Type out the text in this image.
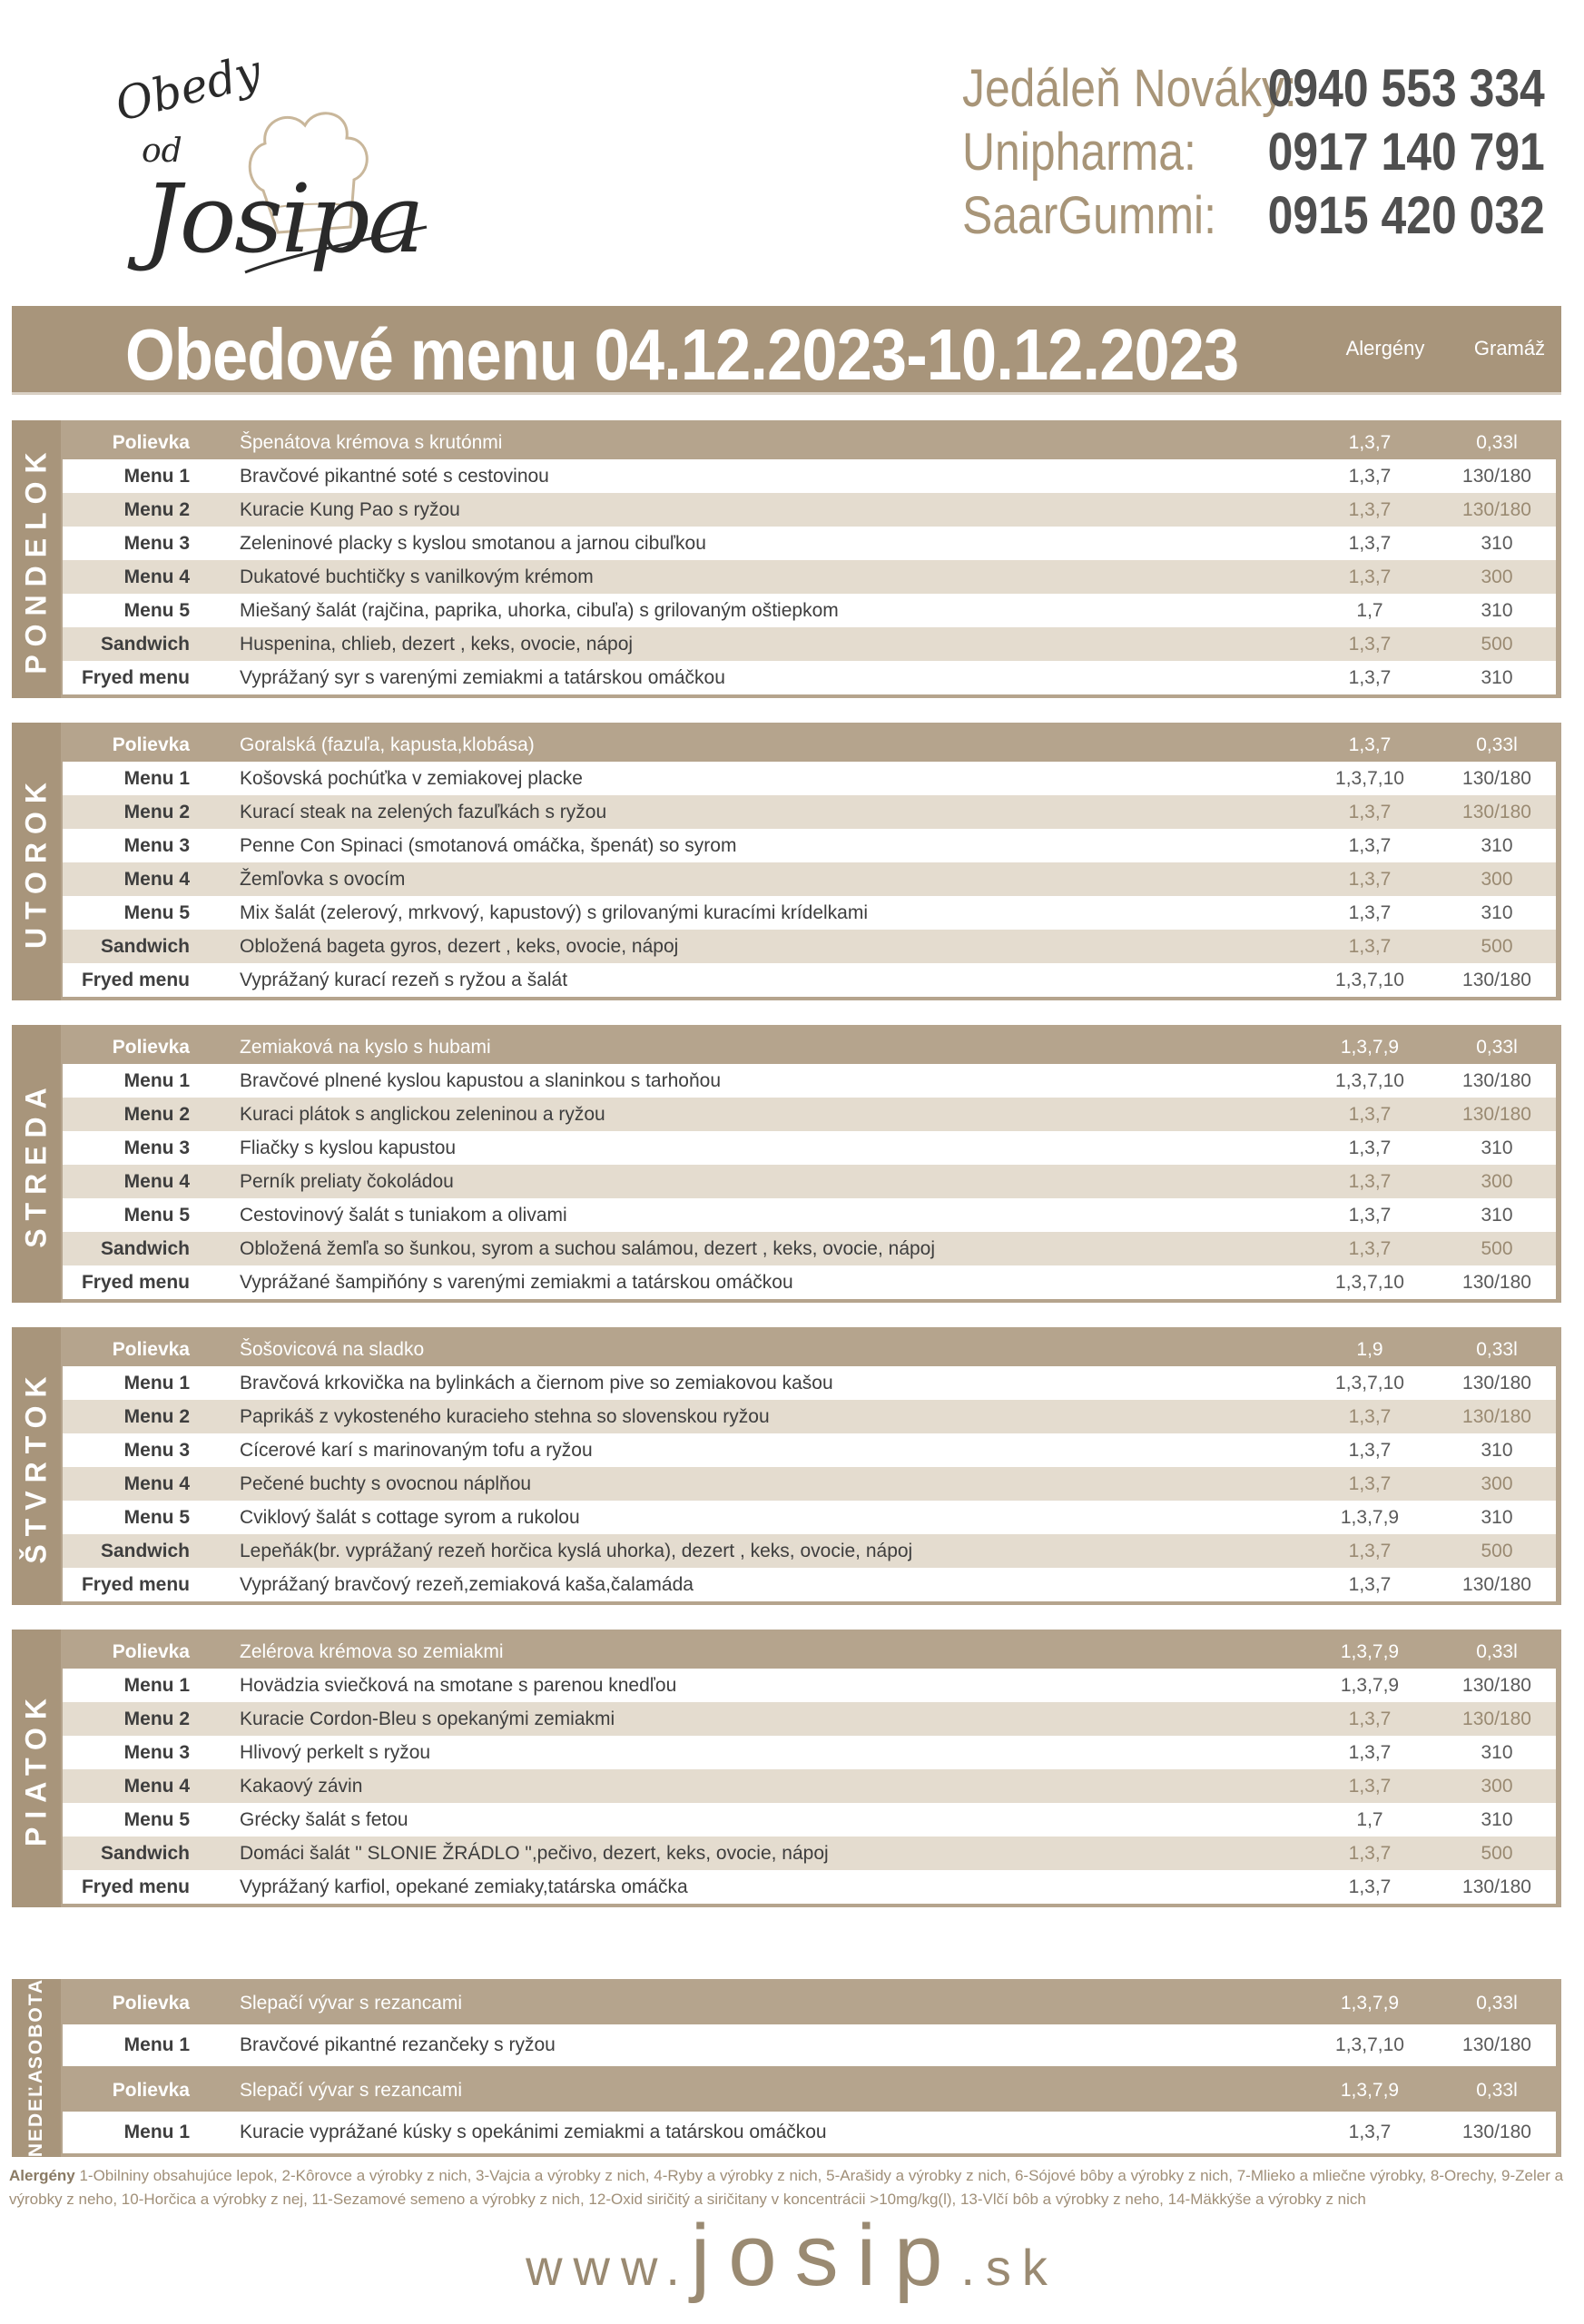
Obedy
od
Josipa
Jedáleň Nováky:
0940 553 334
Unipharma: 0917 140 791
SaarGummi: 0915 420 032
Obedové menu 04.12.2023-10.12.2023	Alergény	Gramáž
PONDELOK
Polievka	Špenátova krémova s krutónmi	1,3,7	0,33l
Menu 1	Bravčové pikantné soté s cestovinou	1,3,7	130/180
Menu 2	Kuracie Kung Pao s ryžou	1,3,7	130/180
Menu 3	Zeleninové placky s kyslou smotanou a jarnou cibuľkou	1,3,7	310
Menu 4	Dukatové buchtičky s vanilkovým krémom	1,3,7	300
Menu 5	Miešaný šalát (rajčina, paprika, uhorka, cibuľa) s grilovaným oštiepkom	1,7	310
Sandwich	Huspenina, chlieb, dezert , keks, ovocie, nápoj	1,3,7	500
Fryed menu	Vyprážaný syr s varenými zemiakmi a tatárskou omáčkou	1,3,7	310
UTOROK
Polievka	Goralská (fazuľa, kapusta,klobása)	1,3,7	0,33l
Menu 1	Košovská pochúťka v zemiakovej placke	1,3,7,10	130/180
Menu 2	Kurací steak na zelených fazuľkách s ryžou	1,3,7	130/180
Menu 3	Penne Con Spinaci (smotanová omáčka, špenát) so syrom	1,3,7	310
Menu 4	Žemľovka s ovocím	1,3,7	300
Menu 5	Mix šalát (zelerový, mrkvový, kapustový) s grilovanými kuracími krídelkami	1,3,7	310
Sandwich	Obložená bageta gyros, dezert , keks, ovocie, nápoj	1,3,7	500
Fryed menu	Vyprážaný kurací rezeň s ryžou a šalát	1,3,7,10	130/180
STREDA
Polievka	Zemiaková na kyslo s hubami	1,3,7,9	0,33l
Menu 1	Bravčové plnené kyslou kapustou a slaninkou s tarhoňou	1,3,7,10	130/180
Menu 2	Kuraci plátok s anglickou zeleninou a ryžou	1,3,7	130/180
Menu 3	Fliačky s kyslou kapustou	1,3,7	310
Menu 4	Perník preliaty čokoládou	1,3,7	300
Menu 5	Cestovinový šalát s tuniakom a olivami	1,3,7	310
Sandwich	Obložená žemľa so šunkou, syrom a suchou salámou, dezert , keks, ovocie, nápoj	1,3,7	500
Fryed menu	Vyprážané šampiňóny s varenými zemiakmi a tatárskou omáčkou	1,3,7,10	130/180
ŠTVRTOK
Polievka	Šošovicová na sladko	1,9	0,33l
Menu 1	Bravčová krkovička na bylinkách a čiernom pive so zemiakovou kašou	1,3,7,10	130/180
Menu 2	Paprikáš z vykosteného kuracieho stehna so slovenskou ryžou	1,3,7	130/180
Menu 3	Cícerové karí s marinovaným tofu a ryžou	1,3,7	310
Menu 4	Pečené buchty s ovocnou náplňou	1,3,7	300
Menu 5	Cviklový šalát s cottage syrom a rukolou	1,3,7,9	310
Sandwich	Lepeňák(br. vyprážaný rezeň horčica kyslá uhorka), dezert , keks, ovocie, nápoj	1,3,7	500
Fryed menu	Vyprážaný bravčový rezeň,zemiaková kaša,čalamáda	1,3,7	130/180
PIATOK
Polievka	Zelérova krémova so zemiakmi	1,3,7,9	0,33l
Menu 1	Hovädzia sviečková na smotane s parenou knedľou	1,3,7,9	130/180
Menu 2	Kuracie Cordon-Bleu s opekanými zemiakmi	1,3,7	130/180
Menu 3	Hlivový perkelt s ryžou	1,3,7	310
Menu 4	Kakaový závin	1,3,7	300
Menu 5	Grécky šalát s fetou	1,7	310
Sandwich	Domáci šalát " SLONIE ŽRÁDLO ",pečivo, dezert, keks, ovocie, nápoj	1,3,7	500
Fryed menu	Vyprážaný karfiol, opekané zemiaky,tatárska omáčka	1,3,7	130/180
NEDEĽA
SOBOTA	Polievka	Slepačí vývar s rezancami	1,3,7,9	0,33l
Menu 1	Bravčové pikantné rezančeky s ryžou	1,3,7,10	130/180
Polievka	Slepačí vývar s rezancami	1,3,7,9	0,33l
Menu 1	Kuracie vyprážané kúsky s opekánimi zemiakmi a tatárskou omáčkou	1,3,7	130/180
Alergény 1-Obilniny obsahujúce lepok, 2-Kôrovce a výrobky z nich, 3-Vajcia a výrobky z nich, 4-Ryby a výrobky z nich, 5-Arašidy a výrobky z nich, 6-Sójové bôby a výrobky z nich, 7-Mlieko a mliečne výrobky, 8-Orechy, 9-Zeler a výrobky z neho, 10-Horčica a výrobky z nej, 11-Sezamové semeno a výrobky z nich, 12-Oxid siričitý a siričitany v koncentrácii >10mg/kg(l), 13-Vlčí bôb a výrobky z neho, 14-Mäkkýše a výrobky z nich
www.josip.sk
